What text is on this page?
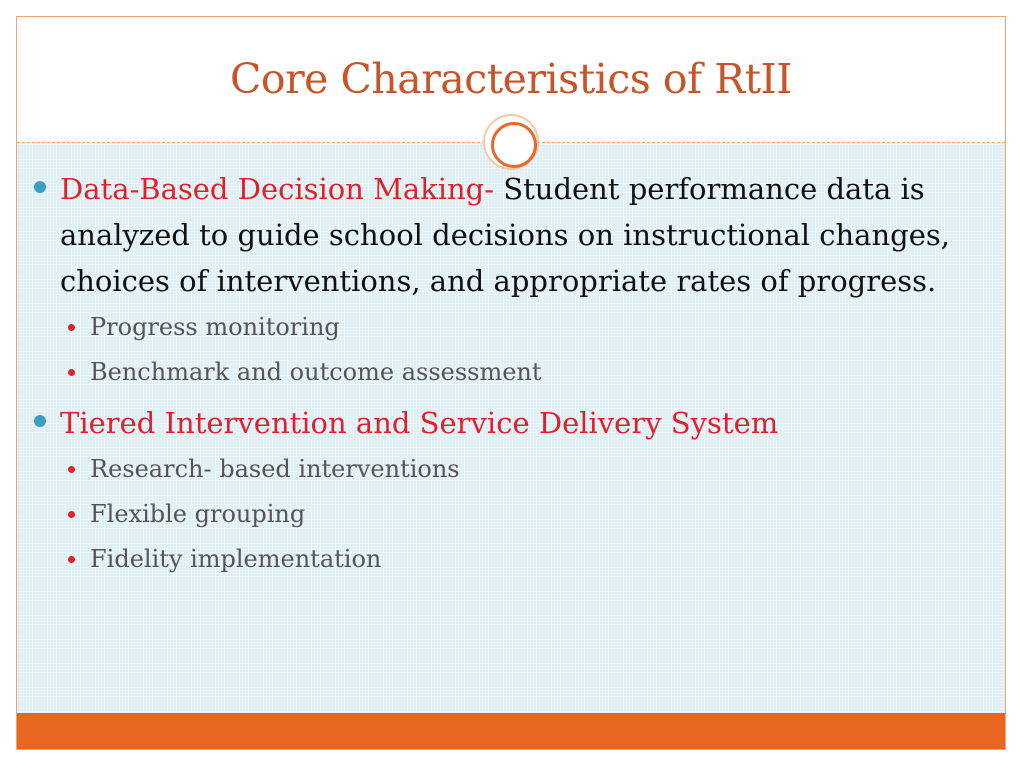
Core Characteristics of RtII
Data-Based Decision Making- Student performance data is analyzed to guide school decisions on instructional changes, choices of interventions, and appropriate rates of progress.
Progress monitoring
Benchmark and outcome assessment
Tiered Intervention and Service Delivery System
Research- based interventions
Flexible grouping
Fidelity implementation
